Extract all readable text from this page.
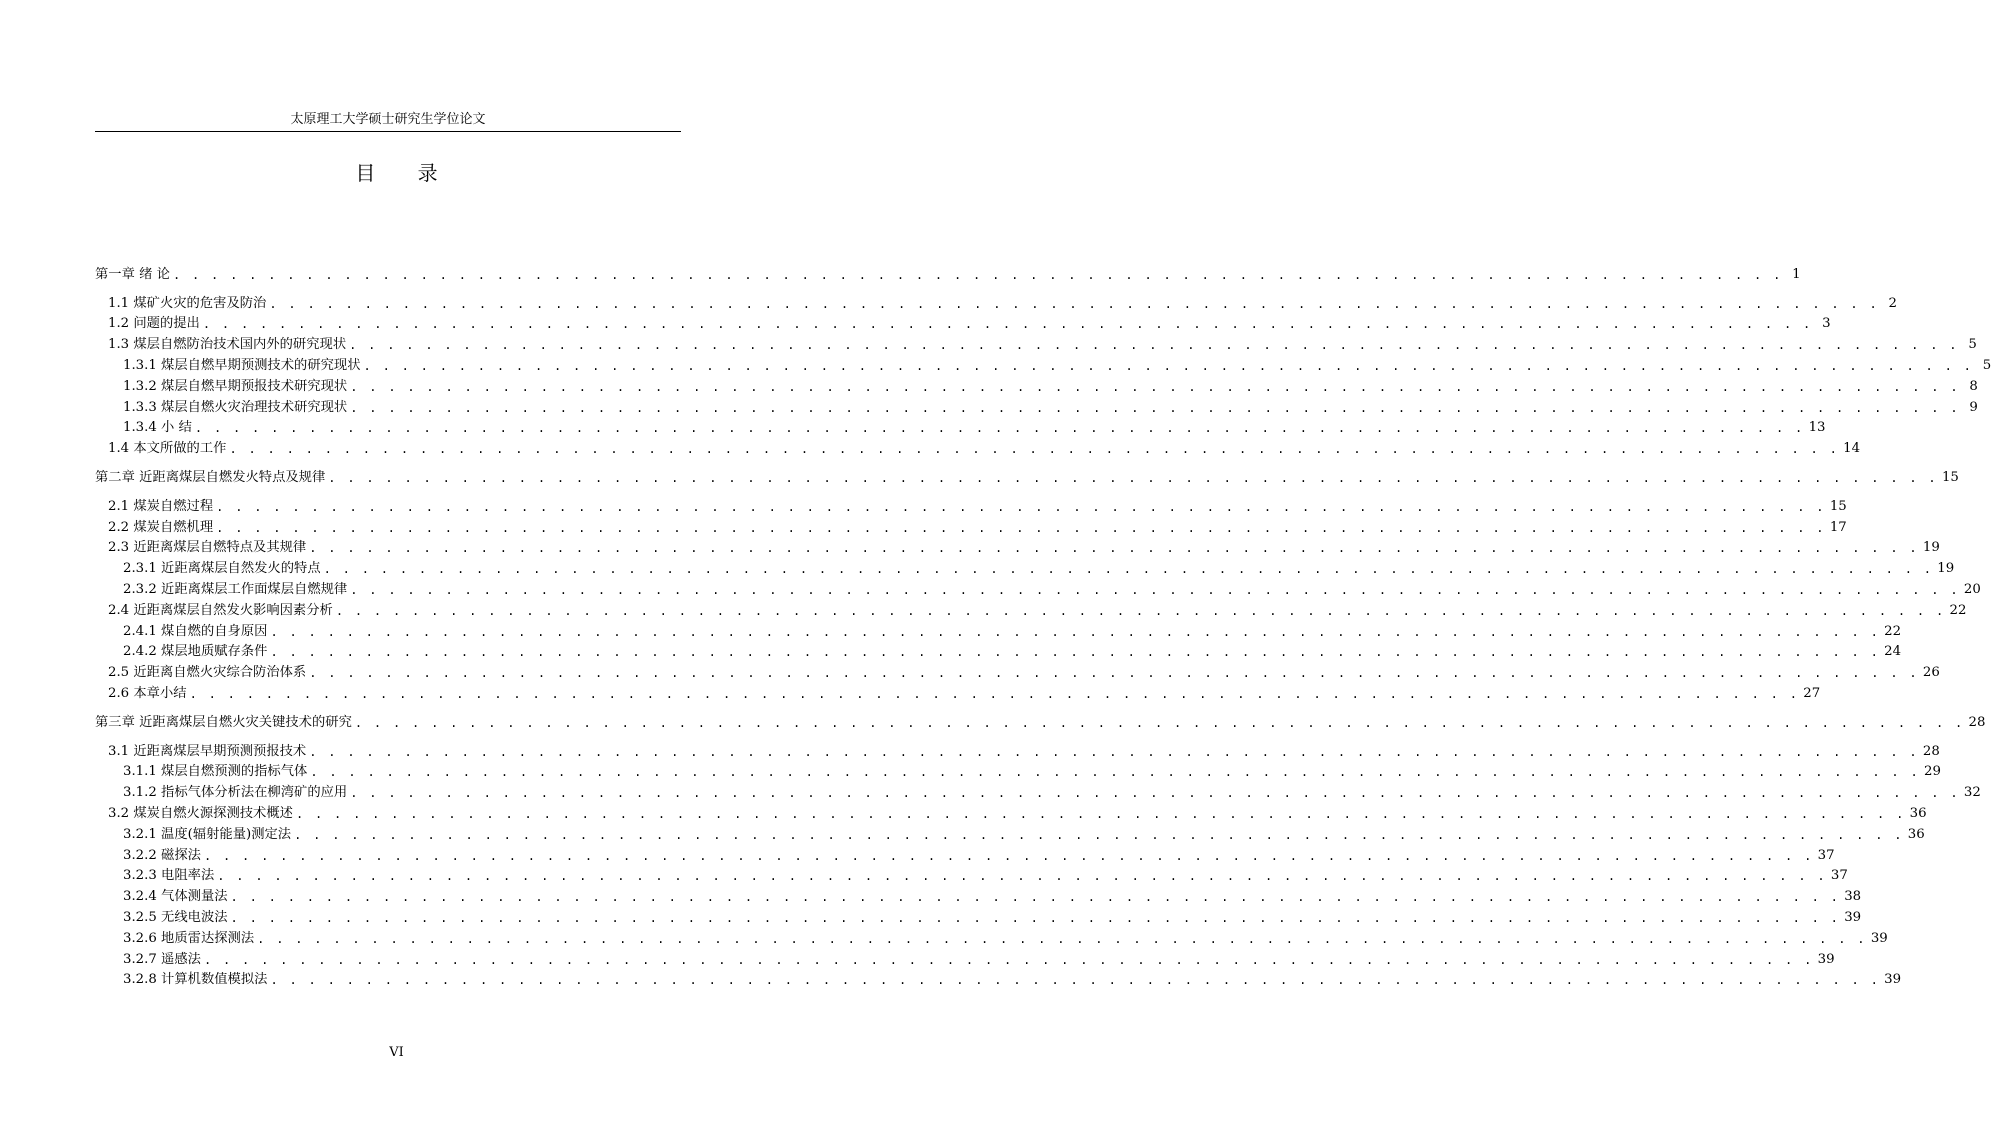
太原理工大学硕士研究生学位论文
目 录
第一章 绪 论 . . . . . . . . . . . . . . . . . . . . . . . . . . . . . . . . . . . . . . . . . . . . . . . . . . . . . . . . . . . . . . . . . . . . . . . . . . . . . . . . . . . . . 1
1.1 煤矿火灾的危害及防治 . . . . . . . . . . . . . . . . . . . . . . . . . . . . . . . . . . . . . . . . . . . . . . . . . . . . . . . . . . . . . . . . . . . . . . . . . . . . . . . . . . . . . 2
1.2 问题的提出 . . . . . . . . . . . . . . . . . . . . . . . . . . . . . . . . . . . . . . . . . . . . . . . . . . . . . . . . . . . . . . . . . . . . . . . . . . . . . . . . . . . . . 3
1.3 煤层自燃防治技术国内外的研究现状 . . . . . . . . . . . . . . . . . . . . . . . . . . . . . . . . . . . . . . . . . . . . . . . . . . . . . . . . . . . . . . . . . . . . . . . . . . . . . . . . . . . . . 5
1.3.1 煤层自燃早期预测技术的研究现状 . . . . . . . . . . . . . . . . . . . . . . . . . . . . . . . . . . . . . . . . . . . . . . . . . . . . . . . . . . . . . . . . . . . . . . . . . . . . . . . . . . . . . 5
1.3.2 煤层自燃早期预报技术研究现状 . . . . . . . . . . . . . . . . . . . . . . . . . . . . . . . . . . . . . . . . . . . . . . . . . . . . . . . . . . . . . . . . . . . . . . . . . . . . . . . . . . . . . 8
1.3.3 煤层自燃火灾治理技术研究现状 . . . . . . . . . . . . . . . . . . . . . . . . . . . . . . . . . . . . . . . . . . . . . . . . . . . . . . . . . . . . . . . . . . . . . . . . . . . . . . . . . . . . . 9
1.3.4 小 结 . . . . . . . . . . . . . . . . . . . . . . . . . . . . . . . . . . . . . . . . . . . . . . . . . . . . . . . . . . . . . . . . . . . . . . . . . . . . . . . . . . . . . 13
1.4 本文所做的工作 . . . . . . . . . . . . . . . . . . . . . . . . . . . . . . . . . . . . . . . . . . . . . . . . . . . . . . . . . . . . . . . . . . . . . . . . . . . . . . . . . . . . . 14
第二章 近距离煤层自燃发火特点及规律 . . . . . . . . . . . . . . . . . . . . . . . . . . . . . . . . . . . . . . . . . . . . . . . . . . . . . . . . . . . . . . . . . . . . . . . . . . . . . . . . . . . . . 15
2.1 煤炭自燃过程 . . . . . . . . . . . . . . . . . . . . . . . . . . . . . . . . . . . . . . . . . . . . . . . . . . . . . . . . . . . . . . . . . . . . . . . . . . . . . . . . . . . . . 15
2.2 煤炭自燃机理 . . . . . . . . . . . . . . . . . . . . . . . . . . . . . . . . . . . . . . . . . . . . . . . . . . . . . . . . . . . . . . . . . . . . . . . . . . . . . . . . . . . . . 17
2.3 近距离煤层自燃特点及其规律 . . . . . . . . . . . . . . . . . . . . . . . . . . . . . . . . . . . . . . . . . . . . . . . . . . . . . . . . . . . . . . . . . . . . . . . . . . . . . . . . . . . . . 19
2.3.1 近距离煤层自然发火的特点 . . . . . . . . . . . . . . . . . . . . . . . . . . . . . . . . . . . . . . . . . . . . . . . . . . . . . . . . . . . . . . . . . . . . . . . . . . . . . . . . . . . . . 19
2.3.2 近距离煤层工作面煤层自燃规律 . . . . . . . . . . . . . . . . . . . . . . . . . . . . . . . . . . . . . . . . . . . . . . . . . . . . . . . . . . . . . . . . . . . . . . . . . . . . . . . . . . . . . 20
2.4 近距离煤层自然发火影响因素分析 . . . . . . . . . . . . . . . . . . . . . . . . . . . . . . . . . . . . . . . . . . . . . . . . . . . . . . . . . . . . . . . . . . . . . . . . . . . . . . . . . . . . . 22
2.4.1 煤自燃的自身原因 . . . . . . . . . . . . . . . . . . . . . . . . . . . . . . . . . . . . . . . . . . . . . . . . . . . . . . . . . . . . . . . . . . . . . . . . . . . . . . . . . . . . . 22
2.4.2 煤层地质赋存条件 . . . . . . . . . . . . . . . . . . . . . . . . . . . . . . . . . . . . . . . . . . . . . . . . . . . . . . . . . . . . . . . . . . . . . . . . . . . . . . . . . . . . . 24
2.5 近距离自燃火灾综合防治体系 . . . . . . . . . . . . . . . . . . . . . . . . . . . . . . . . . . . . . . . . . . . . . . . . . . . . . . . . . . . . . . . . . . . . . . . . . . . . . . . . . . . . . 26
2.6 本章小结 . . . . . . . . . . . . . . . . . . . . . . . . . . . . . . . . . . . . . . . . . . . . . . . . . . . . . . . . . . . . . . . . . . . . . . . . . . . . . . . . . . . . . 27
第三章 近距离煤层自燃火灾关键技术的研究 . . . . . . . . . . . . . . . . . . . . . . . . . . . . . . . . . . . . . . . . . . . . . . . . . . . . . . . . . . . . . . . . . . . . . . . . . . . . . . . . . . . . . 28
3.1 近距离煤层早期预测预报技术 . . . . . . . . . . . . . . . . . . . . . . . . . . . . . . . . . . . . . . . . . . . . . . . . . . . . . . . . . . . . . . . . . . . . . . . . . . . . . . . . . . . . . 28
3.1.1 煤层自燃预测的指标气体 . . . . . . . . . . . . . . . . . . . . . . . . . . . . . . . . . . . . . . . . . . . . . . . . . . . . . . . . . . . . . . . . . . . . . . . . . . . . . . . . . . . . . 29
3.1.2 指标气体分析法在柳湾矿的应用 . . . . . . . . . . . . . . . . . . . . . . . . . . . . . . . . . . . . . . . . . . . . . . . . . . . . . . . . . . . . . . . . . . . . . . . . . . . . . . . . . . . . . 32
3.2 煤炭自燃火源探测技术概述 . . . . . . . . . . . . . . . . . . . . . . . . . . . . . . . . . . . . . . . . . . . . . . . . . . . . . . . . . . . . . . . . . . . . . . . . . . . . . . . . . . . . . 36
3.2.1 温度(辐射能量)测定法 . . . . . . . . . . . . . . . . . . . . . . . . . . . . . . . . . . . . . . . . . . . . . . . . . . . . . . . . . . . . . . . . . . . . . . . . . . . . . . . . . . . . . 36
3.2.2 磁探法 . . . . . . . . . . . . . . . . . . . . . . . . . . . . . . . . . . . . . . . . . . . . . . . . . . . . . . . . . . . . . . . . . . . . . . . . . . . . . . . . . . . . . 37
3.2.3 电阻率法 . . . . . . . . . . . . . . . . . . . . . . . . . . . . . . . . . . . . . . . . . . . . . . . . . . . . . . . . . . . . . . . . . . . . . . . . . . . . . . . . . . . . . 37
3.2.4 气体测量法 . . . . . . . . . . . . . . . . . . . . . . . . . . . . . . . . . . . . . . . . . . . . . . . . . . . . . . . . . . . . . . . . . . . . . . . . . . . . . . . . . . . . . 38
3.2.5 无线电波法 . . . . . . . . . . . . . . . . . . . . . . . . . . . . . . . . . . . . . . . . . . . . . . . . . . . . . . . . . . . . . . . . . . . . . . . . . . . . . . . . . . . . . 39
3.2.6 地质雷达探测法 . . . . . . . . . . . . . . . . . . . . . . . . . . . . . . . . . . . . . . . . . . . . . . . . . . . . . . . . . . . . . . . . . . . . . . . . . . . . . . . . . . . . . 39
3.2.7 遥感法 . . . . . . . . . . . . . . . . . . . . . . . . . . . . . . . . . . . . . . . . . . . . . . . . . . . . . . . . . . . . . . . . . . . . . . . . . . . . . . . . . . . . . 39
3.2.8 计算机数值模拟法 . . . . . . . . . . . . . . . . . . . . . . . . . . . . . . . . . . . . . . . . . . . . . . . . . . . . . . . . . . . . . . . . . . . . . . . . . . . . . . . . . . . . . 39
VI
